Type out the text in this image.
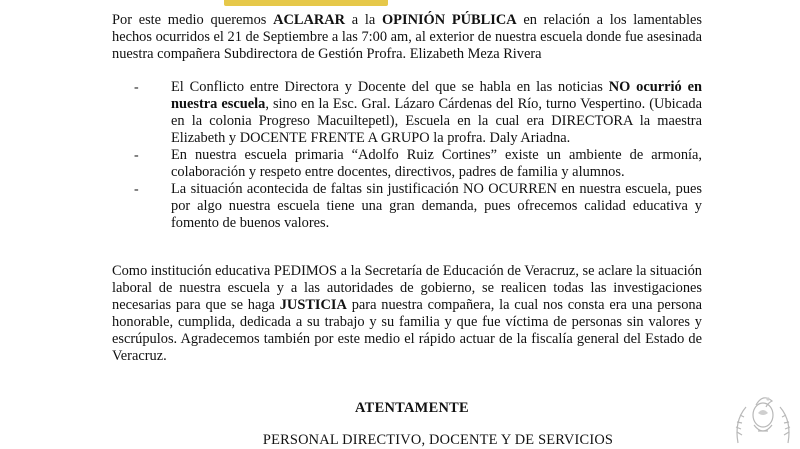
Por este medio queremos ACLARAR a la OPINIÓN PÚBLICA en relación a los lamentables hechos ocurridos el 21 de Septiembre a las 7:00 am, al exterior de nuestra escuela donde fue asesinada nuestra compañera Subdirectora de Gestión Profra. Elizabeth Meza Rivera

- El Conflicto entre Directora y Docente del que se habla en las noticias NO ocurrió en nuestra escuela, sino en la Esc. Gral. Lázaro Cárdenas del Río, turno Vespertino. (Ubicada en la colonia Progreso Macuiltepetl), Escuela en la cual era DIRECTORA la maestra Elizabeth y DOCENTE FRENTE A GRUPO la profra. Daly Ariadna.
- En nuestra escuela primaria “Adolfo Ruiz Cortines” existe un ambiente de armonía, colaboración y respeto entre docentes, directivos, padres de familia y alumnos.
- La situación acontecida de faltas sin justificación NO OCURREN en nuestra escuela, pues por algo nuestra escuela tiene una gran demanda, pues ofrecemos calidad educativa y fomento de buenos valores.

Como institución educativa PEDIMOS a la Secretaría de Educación de Veracruz, se aclare la situación laboral de nuestra escuela y a las autoridades de gobierno, se realicen todas las investigaciones necesarias para que se haga JUSTICIA para nuestra compañera, la cual nos consta era una persona honorable, cumplida, dedicada a su trabajo y su familia y que fue víctima de personas sin valores y escrúpulos. Agradecemos también por este medio el rápido actuar de la fiscalía general del Estado de Veracruz.

ATENTAMENTE
PERSONAL DIRECTIVO, DOCENTE Y DE SERVICIOS
